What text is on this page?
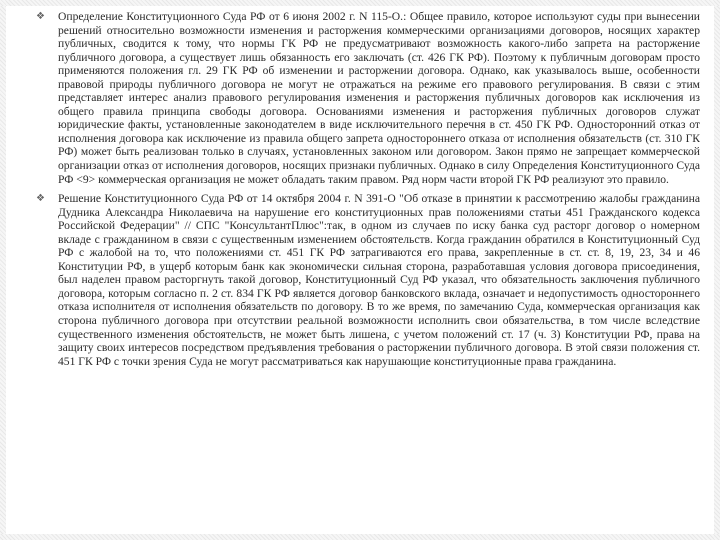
❖ Определение Конституционного Суда РФ от 6 июня 2002 г. N 115-О.: Общее правило, которое используют суды при вынесении решений относительно возможности изменения и расторжения коммерческими организациями договоров, носящих характер публичных, сводится к тому, что нормы ГК РФ не предусматривают возможность какого-либо запрета на расторжение публичного договора, а существует лишь обязанность его заключать (ст. 426 ГК РФ). Поэтому к публичным договорам просто применяются положения гл. 29 ГК РФ об изменении и расторжении договора. Однако, как указывалось выше, особенности правовой природы публичного договора не могут не отражаться на режиме его правового регулирования. В связи с этим представляет интерес анализ правового регулирования изменения и расторжения публичных договоров как исключения из общего правила принципа свободы договора. Основаниями изменения и расторжения публичных договоров служат юридические факты, установленные законодателем в виде исключительного перечня в ст. 450 ГК РФ. Односторонний отказ от исполнения договора как исключение из правила общего запрета одностороннего отказа от исполнения обязательств (ст. 310 ГК РФ) может быть реализован только в случаях, установленных законом или договором. Закон прямо не запрещает коммерческой организации отказ от исполнения договоров, носящих признаки публичных. Однако в силу Определения Конституционного Суда РФ <9> коммерческая организация не может обладать таким правом. Ряд норм части второй ГК РФ реализуют это правило.
❖ Решение Конституционного Суда РФ от 14 октября 2004 г. N 391-О "Об отказе в принятии к рассмотрению жалобы гражданина Дудника Александра Николаевича на нарушение его конституционных прав положениями статьи 451 Гражданского кодекса Российской Федерации" // СПС "КонсультантПлюс":так, в одном из случаев по иску банка суд расторг договор о номерном вкладе с гражданином в связи с существенным изменением обстоятельств. Когда гражданин обратился в Конституционный Суд РФ с жалобой на то, что положениями ст. 451 ГК РФ затрагиваются его права, закрепленные в ст. ст. 8, 19, 23, 34 и 46 Конституции РФ, в ущерб которым банк как экономически сильная сторона, разработавшая условия договора присоединения, был наделен правом расторгнуть такой договор, Конституционный Суд РФ указал, что обязательность заключения публичного договора, которым согласно п. 2 ст. 834 ГК РФ является договор банковского вклада, означает и недопустимость одностороннего отказа исполнителя от исполнения обязательств по договору. В то же время, по замечанию Суда, коммерческая организация как сторона публичного договора при отсутствии реальной возможности исполнить свои обязательства, в том числе вследствие существенного изменения обстоятельств, не может быть лишена, с учетом положений ст. 17 (ч. 3) Конституции РФ, права на защиту своих интересов посредством предъявления требования о расторжении публичного договора. В этой связи положения ст. 451 ГК РФ с точки зрения Суда не могут рассматриваться как нарушающие конституционные права гражданина.
